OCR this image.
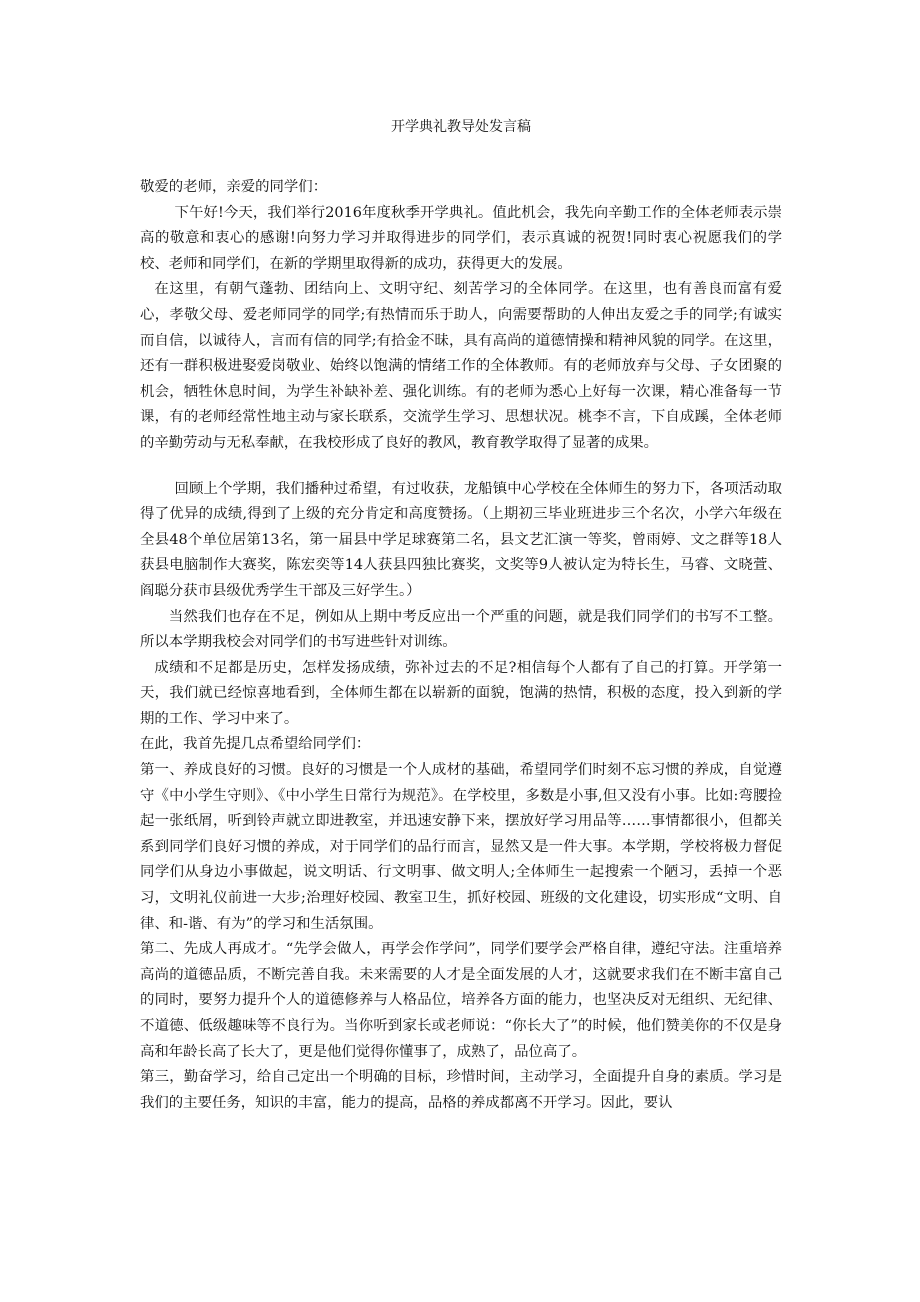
开学典礼教导处发言稿
敬爱的老师，亲爱的同学们：

下午好!今天，我们举行2016年度秋季开学典礼。值此机会，我先向辛勤工作的全体老师表示崇高的敬意和衷心的感谢!向努力学习并取得进步的同学们，表示真诚的祝贺!同时衷心祝愿我们的学校、老师和同学们，在新的学期里取得新的成功，获得更大的发展。

在这里，有朝气蓬勃、团结向上、文明守纪、刻苦学习的全体同学。在这里，也有善良而富有爱心，孝敬父母、爱老师同学的同学;有热情而乐于助人，向需要帮助的人伸出友爱之手的同学;有诚实而自信，以诚待人，言而有信的同学;有拾金不昧，具有高尚的道德情操和精神风貌的同学。在这里，还有一群积极进娶爱岗敬业、始终以饱满的情绪工作的全体教师。有的老师放弃与父母、子女团聚的机会，牺牲休息时间，为学生补缺补差、强化训练。有的老师为悉心上好每一次课，精心准备每一节课，有的老师经常性地主动与家长联系，交流学生学习、思想状况。桃李不言，下自成蹊，全体老师的辛勤劳动与无私奉献，在我校形成了良好的教风，教育教学取得了显著的成果。

回顾上个学期，我们播种过希望，有过收获，龙船镇中心学校在全体师生的努力下，各项活动取得了优异的成绩,得到了上级的充分肯定和高度赞扬。（上期初三毕业班进步三个名次，小学六年级在全县48个单位居第13名，第一届县中学足球赛第二名，县文艺汇演一等奖，曾雨婷、文之群等18人获县电脑制作大赛奖，陈宏奕等14人获县四独比赛奖，文奖等9人被认定为特长生，马睿、文晓萱、阎聪分获市县级优秀学生干部及三好学生。）

当然我们也存在不足，例如从上期中考反应出一个严重的问题，就是我们同学们的书写不工整。所以本学期我校会对同学们的书写进些针对训练。

成绩和不足都是历史，怎样发扬成绩，弥补过去的不足?相信每个人都有了自己的打算。开学第一天，我们就已经惊喜地看到，全体师生都在以崭新的面貌，饱满的热情，积极的态度，投入到新的学期的工作、学习中来了。

在此，我首先提几点希望给同学们：

第一、养成良好的习惯。良好的习惯是一个人成材的基础，希望同学们时刻不忘习惯的养成，自觉遵守《中小学生守则》、《中小学生日常行为规范》。在学校里，多数是小事,但又没有小事。比如:弯腰捡起一张纸屑，听到铃声就立即进教室，并迅速安静下来，摆放好学习用品等……事情都很小，但都关系到同学们良好习惯的养成，对于同学们的品行而言，显然又是一件大事。本学期，学校将极力督促同学们从身边小事做起，说文明话、行文明事、做文明人;全体师生一起搜索一个陋习，丢掉一个恶习，文明礼仪前进一大步;治理好校园、教室卫生，抓好校园、班级的文化建设，切实形成“文明、自律、和-谐、有为”的学习和生活氛围。

第二、先成人再成才。“先学会做人，再学会作学问”，同学们要学会严格自律，遵纪守法。注重培养高尚的道德品质，不断完善自我。未来需要的人才是全面发展的人才，这就要求我们在不断丰富自己的同时，要努力提升个人的道德修养与人格品位，培养各方面的能力，也坚决反对无组织、无纪律、不道德、低级趣味等不良行为。当你听到家长或老师说：“你长大了”的时候，他们赞美你的不仅是身高和年龄长高了长大了，更是他们觉得你懂事了，成熟了，品位高了。

第三，勤奋学习，给自己定出一个明确的目标，珍惜时间，主动学习，全面提升自身的素质。学习是我们的主要任务，知识的丰富，能力的提高，品格的养成都离不开学习。因此，要认
